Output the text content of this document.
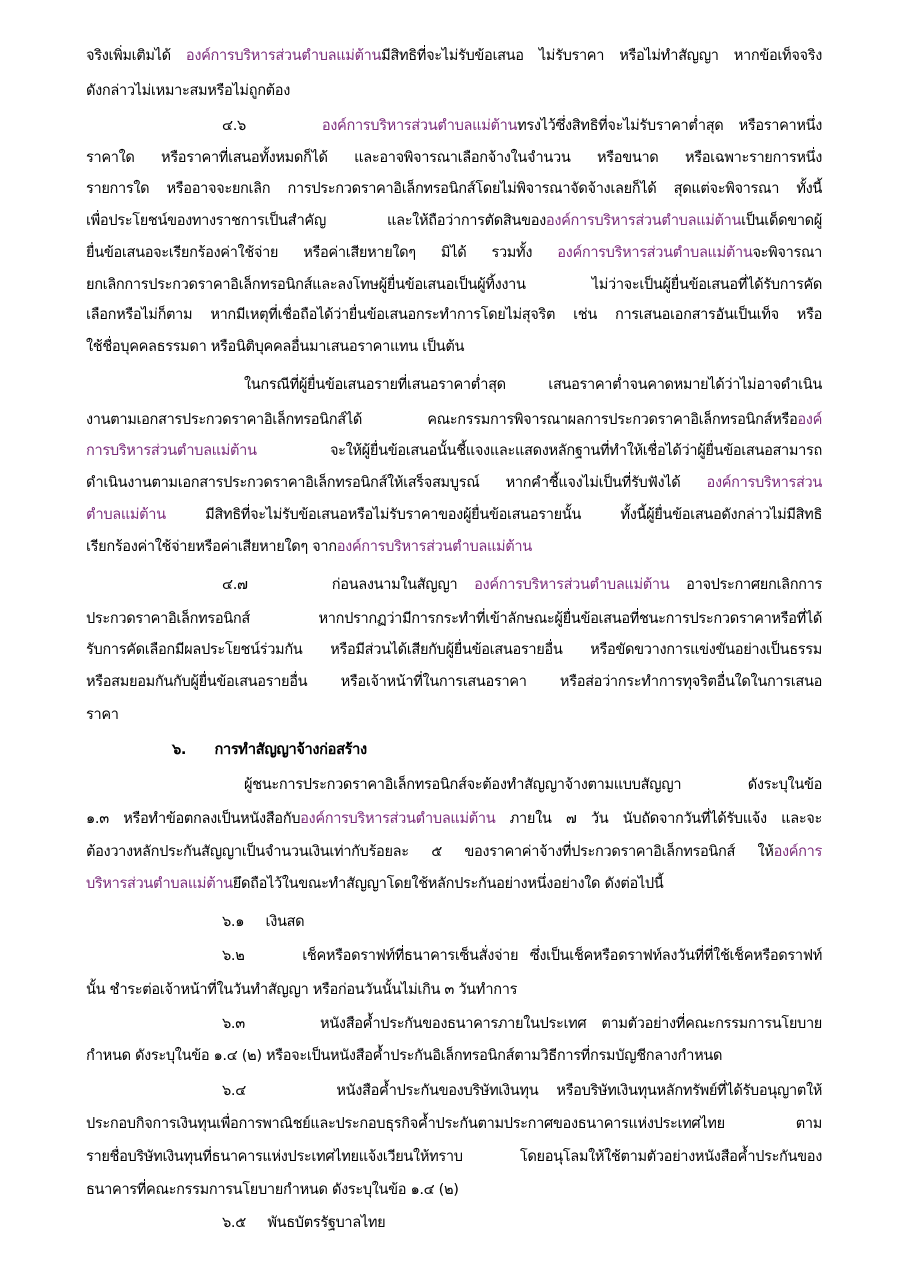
จริงเพิ่มเติมได้ องค์การบริหารส่วนตำบลแม่ต้านมีสิทธิที่จะไม่รับข้อเสนอ ไม่รับราคา หรือไม่ทำสัญญา หากข้อเท็จจริง
ดังกล่าวไม่เหมาะสมหรือไม่ถูกต้อง
๔.๖     องค์การบริหารส่วนตำบลแม่ต้านทรงไว้ซึ่งสิทธิที่จะไม่รับราคาต่ำสุด หรือราคาหนึ่ง
ราคาใด หรือราคาที่เสนอทั้งหมดก็ได้ และอาจพิจารณาเลือกจ้างในจำนวน หรือขนาด หรือเฉพาะรายการหนึ่ง
รายการใด หรืออาจจะยกเลิก การประกวดราคาอิเล็กทรอนิกส์โดยไม่พิจารณาจัดจ้างเลยก็ได้ สุดแต่จะพิจารณา ทั้งนี้
เพื่อประโยชน์ของทางราชการเป็นสำคัญ และให้ถือว่าการตัดสินขององค์การบริหารส่วนตำบลแม่ต้านเป็นเด็ดขาดผู้
ยื่นข้อเสนอจะเรียกร้องค่าใช้จ่าย หรือค่าเสียหายใดๆ มิได้ รวมทั้ง องค์การบริหารส่วนตำบลแม่ต้านจะพิจารณา
ยกเลิกการประกวดราคาอิเล็กทรอนิกส์และลงโทษผู้ยื่นข้อเสนอเป็นผู้ทิ้งงาน ไม่ว่าจะเป็นผู้ยื่นข้อเสนอที่ได้รับการคัด
เลือกหรือไม่ก็ตาม หากมีเหตุที่เชื่อถือได้ว่ายื่นข้อเสนอกระทำการโดยไม่สุจริต เช่น การเสนอเอกสารอันเป็นเท็จ หรือ
ใช้ชื่อบุคคลธรรมดา หรือนิติบุคคลอื่นมาเสนอราคาแทน เป็นต้น
ในกรณีที่ผู้ยื่นข้อเสนอรายที่เสนอราคาต่ำสุด เสนอราคาต่ำจนคาดหมายได้ว่าไม่อาจดำเนิน
งานตามเอกสารประกวดราคาอิเล็กทรอนิกส์ได้ คณะกรรมการพิจารณาผลการประกวดราคาอิเล็กทรอนิกส์หรือองค์
การบริหารส่วนตำบลแม่ต้าน จะให้ผู้ยื่นข้อเสนอนั้นชี้แจงและแสดงหลักฐานที่ทำให้เชื่อได้ว่าผู้ยื่นข้อเสนอสามารถ
ดำเนินงานตามเอกสารประกวดราคาอิเล็กทรอนิกส์ให้เสร็จสมบูรณ์ หากคำชี้แจงไม่เป็นที่รับฟังได้ องค์การบริหารส่วน
ตำบลแม่ต้าน มีสิทธิที่จะไม่รับข้อเสนอหรือไม่รับราคาของผู้ยื่นข้อเสนอรายนั้น ทั้งนี้ผู้ยื่นข้อเสนอดังกล่าวไม่มีสิทธิ
เรียกร้องค่าใช้จ่ายหรือค่าเสียหายใดๆ จากองค์การบริหารส่วนตำบลแม่ต้าน
๔.๗     ก่อนลงนามในสัญญา องค์การบริหารส่วนตำบลแม่ต้าน อาจประกาศยกเลิกการ
ประกวดราคาอิเล็กทรอนิกส์ หากปรากฏว่ามีการกระทำที่เข้าลักษณะผู้ยื่นข้อเสนอที่ชนะการประกวดราคาหรือที่ได้
รับการคัดเลือกมีผลประโยชน์ร่วมกัน หรือมีส่วนได้เสียกับผู้ยื่นข้อเสนอรายอื่น หรือขัดขวางการแข่งขันอย่างเป็นธรรม
หรือสมยอมกันกับผู้ยื่นข้อเสนอรายอื่น หรือเจ้าหน้าที่ในการเสนอราคา หรือส่อว่ากระทำการทุจริตอื่นใดในการเสนอ
ราคา
๖.      การทำสัญญาจ้างก่อสร้าง
ผู้ชนะการประกวดราคาอิเล็กทรอนิกส์จะต้องทำสัญญาจ้างตามแบบสัญญา ดังระบุในข้อ
๑.๓ หรือทำข้อตกลงเป็นหนังสือกับองค์การบริหารส่วนตำบลแม่ต้าน ภายใน ๗ วัน นับถัดจากวันที่ได้รับแจ้ง และจะ
ต้องวางหลักประกันสัญญาเป็นจำนวนเงินเท่ากับร้อยละ ๕ ของราคาค่าจ้างที่ประกวดราคาอิเล็กทรอนิกส์ ให้องค์การ
บริหารส่วนตำบลแม่ต้านยึดถือไว้ในขณะทำสัญญาโดยใช้หลักประกันอย่างหนึ่งอย่างใด ดังต่อไปนี้
๖.๑     เงินสด
๖.๒     เช็คหรือดราฟท์ที่ธนาคารเซ็นสั่งจ่าย ซึ่งเป็นเช็คหรือดราฟท์ลงวันที่ที่ใช้เช็คหรือดราฟท์
นั้น ชำระต่อเจ้าหน้าที่ในวันทำสัญญา หรือก่อนวันนั้นไม่เกิน ๓ วันทำการ
๖.๓     หนังสือค้ำประกันของธนาคารภายในประเทศ ตามตัวอย่างที่คณะกรรมการนโยบาย
กำหนด ดังระบุในข้อ ๑.๔ (๒) หรือจะเป็นหนังสือค้ำประกันอิเล็กทรอนิกส์ตามวิธีการที่กรมบัญชีกลางกำหนด
๖.๔     หนังสือค้ำประกันของบริษัทเงินทุน หรือบริษัทเงินทุนหลักทรัพย์ที่ได้รับอนุญาตให้
ประกอบกิจการเงินทุนเพื่อการพาณิชย์และประกอบธุรกิจค้ำประกันตามประกาศของธนาคารแห่งประเทศไทย ตาม
รายชื่อบริษัทเงินทุนที่ธนาคารแห่งประเทศไทยแจ้งเวียนให้ทราบ โดยอนุโลมให้ใช้ตามตัวอย่างหนังสือค้ำประกันของ
ธนาคารที่คณะกรรมการนโยบายกำหนด ดังระบุในข้อ ๑.๔ (๒)
๖.๕     พันธบัตรรัฐบาลไทย
